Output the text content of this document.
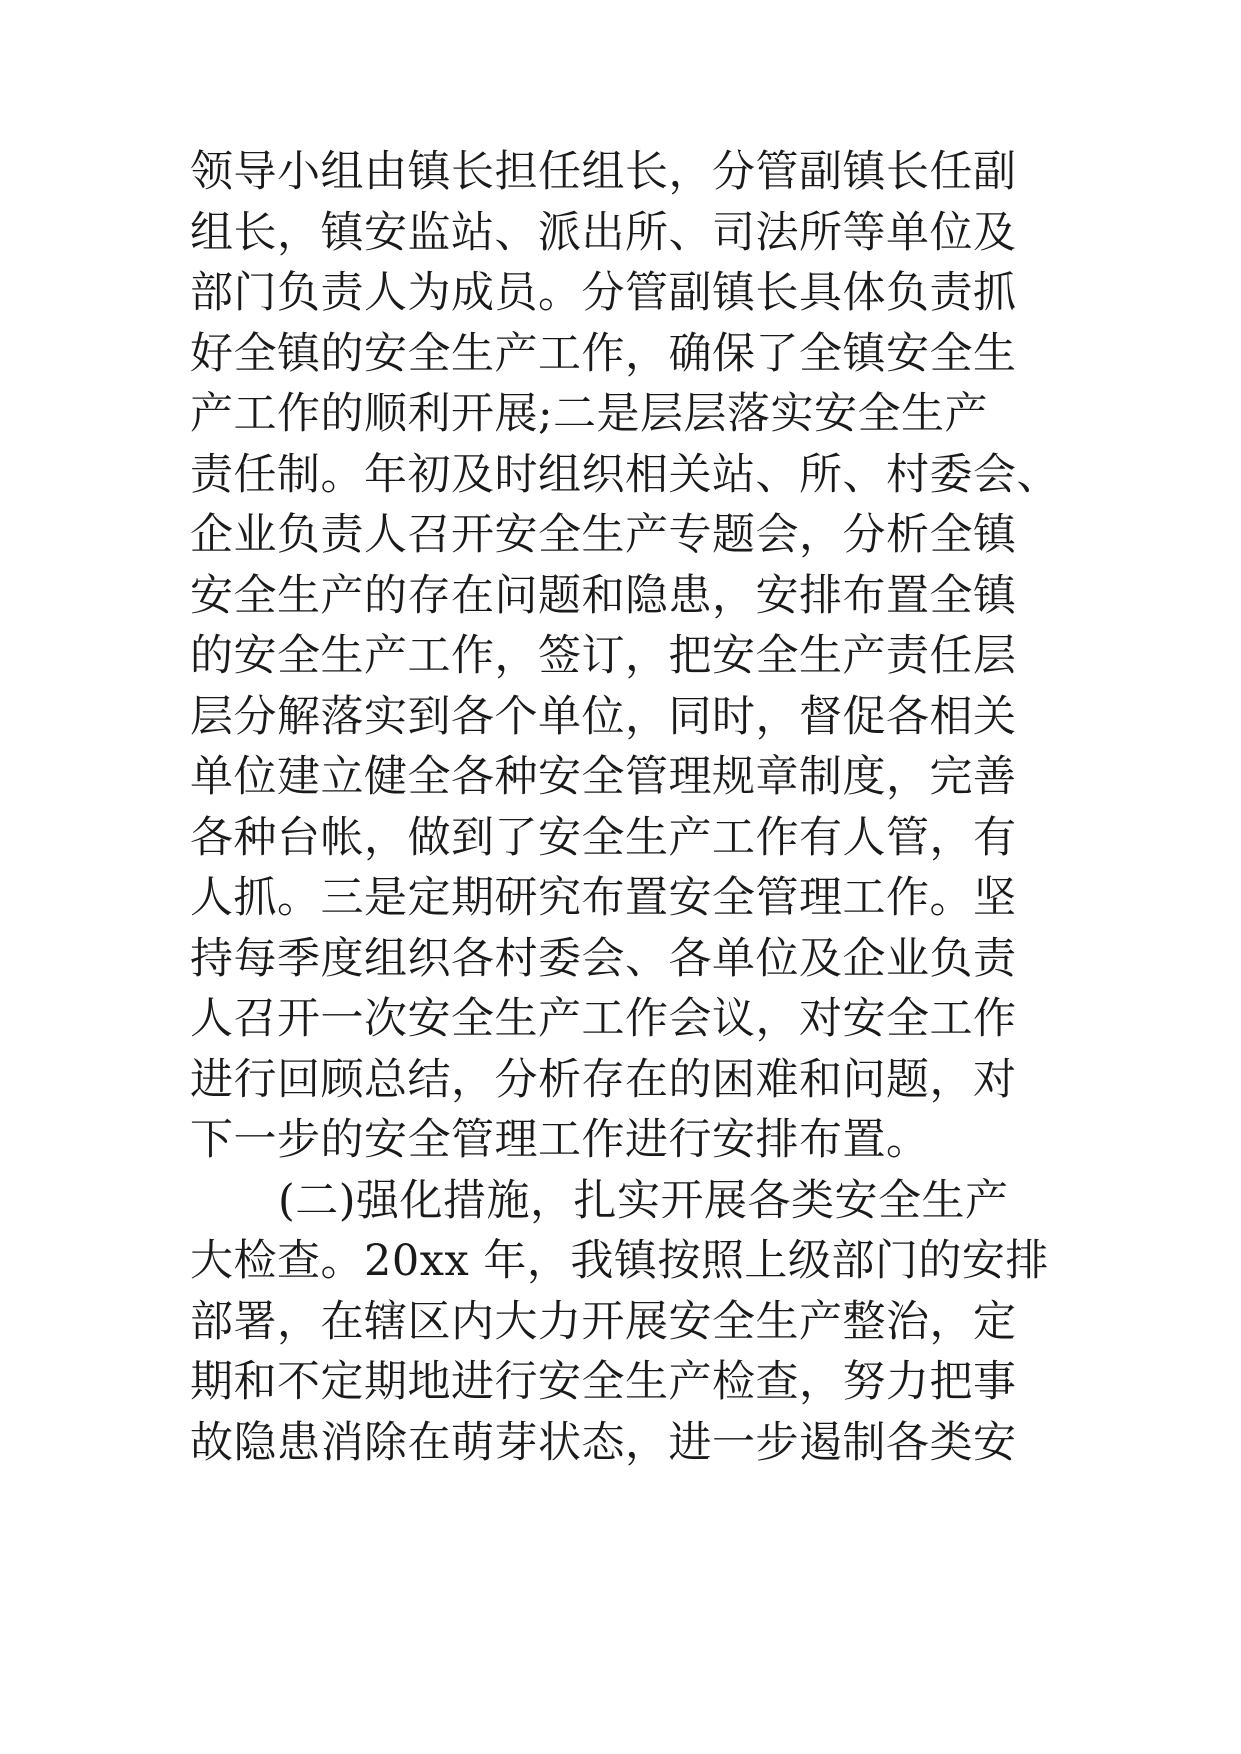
领导小组由镇长担任组长，分管副镇长任副
组长，镇安监站、派出所、司法所等单位及
部门负责人为成员。分管副镇长具体负责抓
好全镇的安全生产工作，确保了全镇安全生
产工作的顺利开展;二是层层落实安全生产
责任制。年初及时组织相关站、所、村委会、
企业负责人召开安全生产专题会，分析全镇
安全生产的存在问题和隐患，安排布置全镇
的安全生产工作，签订，把安全生产责任层
层分解落实到各个单位，同时，督促各相关
单位建立健全各种安全管理规章制度，完善
各种台帐，做到了安全生产工作有人管，有
人抓。三是定期研究布置安全管理工作。坚
持每季度组织各村委会、各单位及企业负责
人召开一次安全生产工作会议，对安全工作
进行回顾总结，分析存在的困难和问题，对
下一步的安全管理工作进行安排布置。
(二)强化措施，扎实开展各类安全生产
大检查。20xx 年，我镇按照上级部门的安排
部署，在辖区内大力开展安全生产整治，定
期和不定期地进行安全生产检查，努力把事
故隐患消除在萌芽状态，进一步遏制各类安
